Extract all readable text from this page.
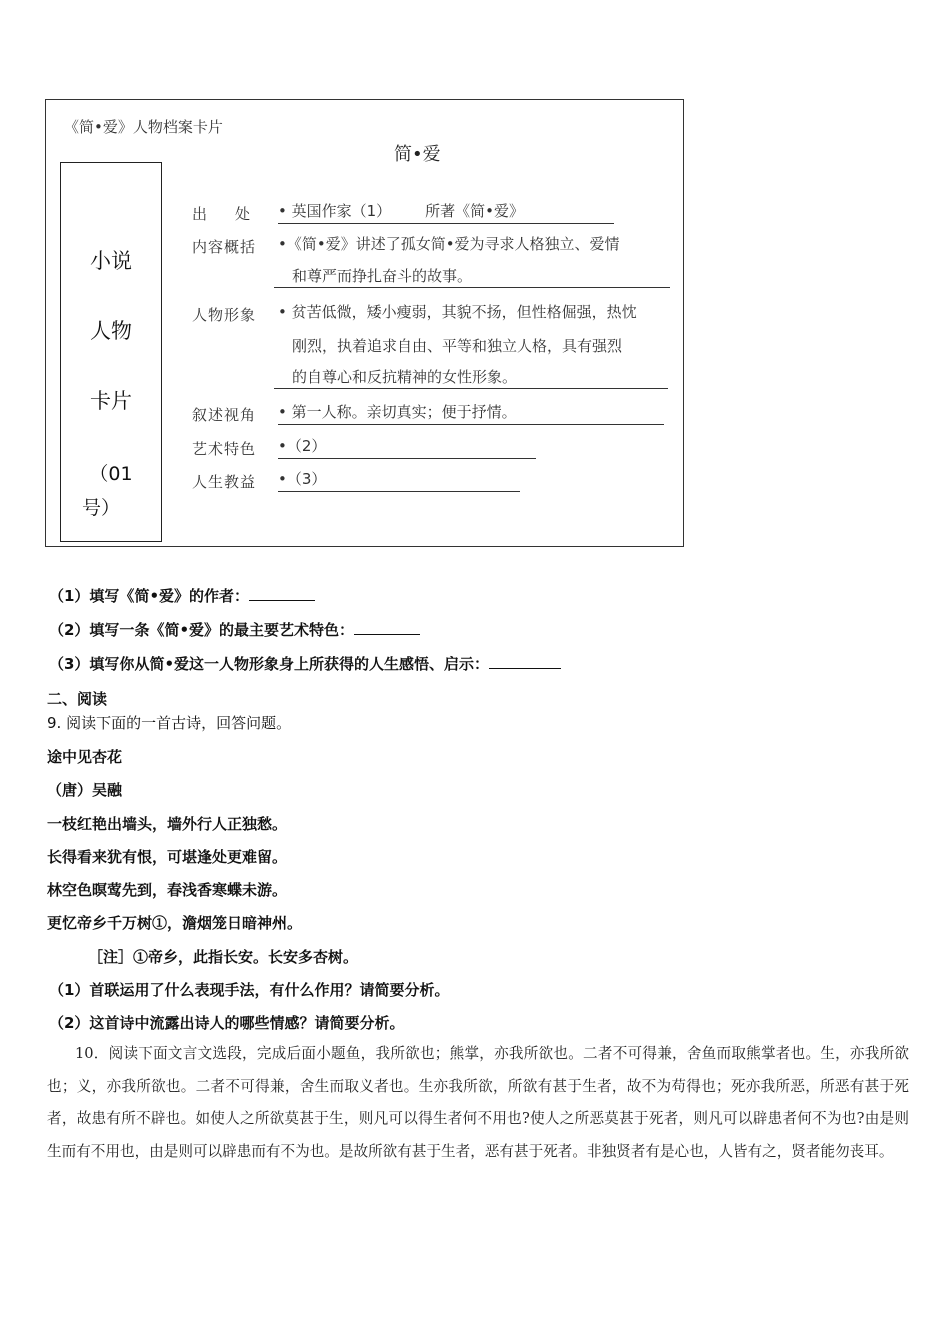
《简•爱》人物档案卡片
简•爱
小说
人物
卡片
（01
号）
出处 • 英国作家（1） 所著《简•爱》
内容概括 •《简•爱》讲述了孤女简•爱为寻求人格独立、爱情
和尊严而挣扎奋斗的故事。
人物形象 • 贫苦低微，矮小瘦弱，其貌不扬，但性格倔强，热忱
刚烈，执着追求自由、平等和独立人格，具有强烈
的自尊心和反抗精神的女性形象。
叙述视角 • 第一人称。亲切真实；便于抒情。
艺术特色 •（2）
人生教益 •（3）
（1）填写《简•爱》的作者：
（2）填写一条《简•爱》的最主要艺术特色：
（3）填写你从简•爱这一人物形象身上所获得的人生感悟、启示：
二、阅读
9. 阅读下面的一首古诗，回答问题。
途中见杏花
（唐）吴融
一枝红艳出墙头，墙外行人正独愁。
长得看来犹有恨，可堪逢处更难留。
林空色暝莺先到，春浅香寒蝶未游。
更忆帝乡千万树①，澹烟笼日暗神州。
［注］①帝乡，此指长安。长安多杏树。
（1）首联运用了什么表现手法，有什么作用？请简要分析。
（2）这首诗中流露出诗人的哪些情感？请简要分析。
10．阅读下面文言文选段，完成后面小题鱼，我所欲也；熊掌，亦我所欲也。二者不可得兼，舍鱼而取熊掌者也。生，亦我所欲也；义，亦我所欲也。二者不可得兼，舍生而取义者也。生亦我所欲，所欲有甚于生者，故不为苟得也；死亦我所恶，所恶有甚于死者，故患有所不辟也。如使人之所欲莫甚于生，则凡可以得生者何不用也?使人之所恶莫甚于死者，则凡可以辟患者何不为也?由是则生而有不用也，由是则可以辟患而有不为也。是故所欲有甚于生者，恶有甚于死者。非独贤者有是心也，人皆有之，贤者能勿丧耳。
